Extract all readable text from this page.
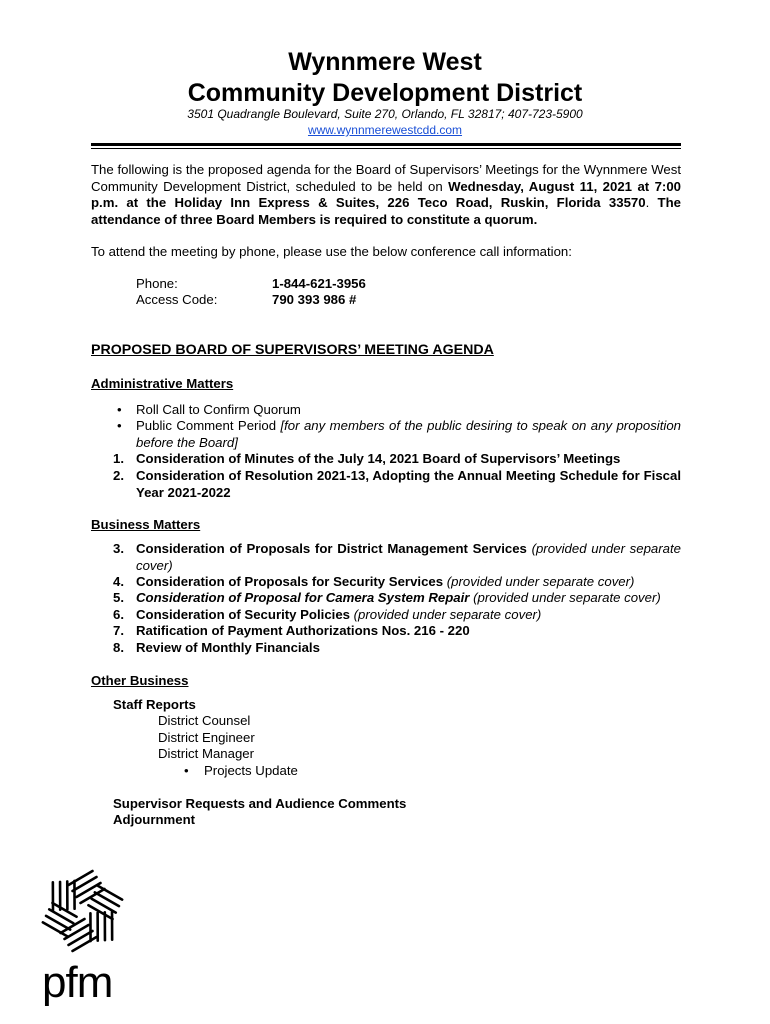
Wynnmere West
Community Development District
3501 Quadrangle Boulevard, Suite 270, Orlando, FL 32817; 407-723-5900
www.wynnmerewestcdd.com
The following is the proposed agenda for the Board of Supervisors’ Meetings for the Wynnmere West Community Development District, scheduled to be held on Wednesday, August 11, 2021 at 7:00 p.m. at the Holiday Inn Express & Suites, 226 Teco Road, Ruskin, Florida 33570. The attendance of three Board Members is required to constitute a quorum.
To attend the meeting by phone, please use the below conference call information:
Phone:	1-844-621-3956
Access Code:	790 393 986 #
PROPOSED BOARD OF SUPERVISORS’ MEETING AGENDA
Administrative Matters
•	Roll Call to Confirm Quorum
•	Public Comment Period [for any members of the public desiring to speak on any proposition before the Board]
1. Consideration of Minutes of the July 14, 2021 Board of Supervisors’ Meetings
2. Consideration of Resolution 2021-13, Adopting the Annual Meeting Schedule for Fiscal Year 2021-2022
Business Matters
3. Consideration of Proposals for District Management Services (provided under separate cover)
4. Consideration of Proposals for Security Services (provided under separate cover)
5. Consideration of Proposal for Camera System Repair (provided under separate cover)
6. Consideration of Security Policies (provided under separate cover)
7. Ratification of Payment Authorizations Nos. 216 - 220
8. Review of Monthly Financials
Other Business
Staff Reports
District Counsel
District Engineer
District Manager
• Projects Update
Supervisor Requests and Audience Comments
Adjournment
pfm
